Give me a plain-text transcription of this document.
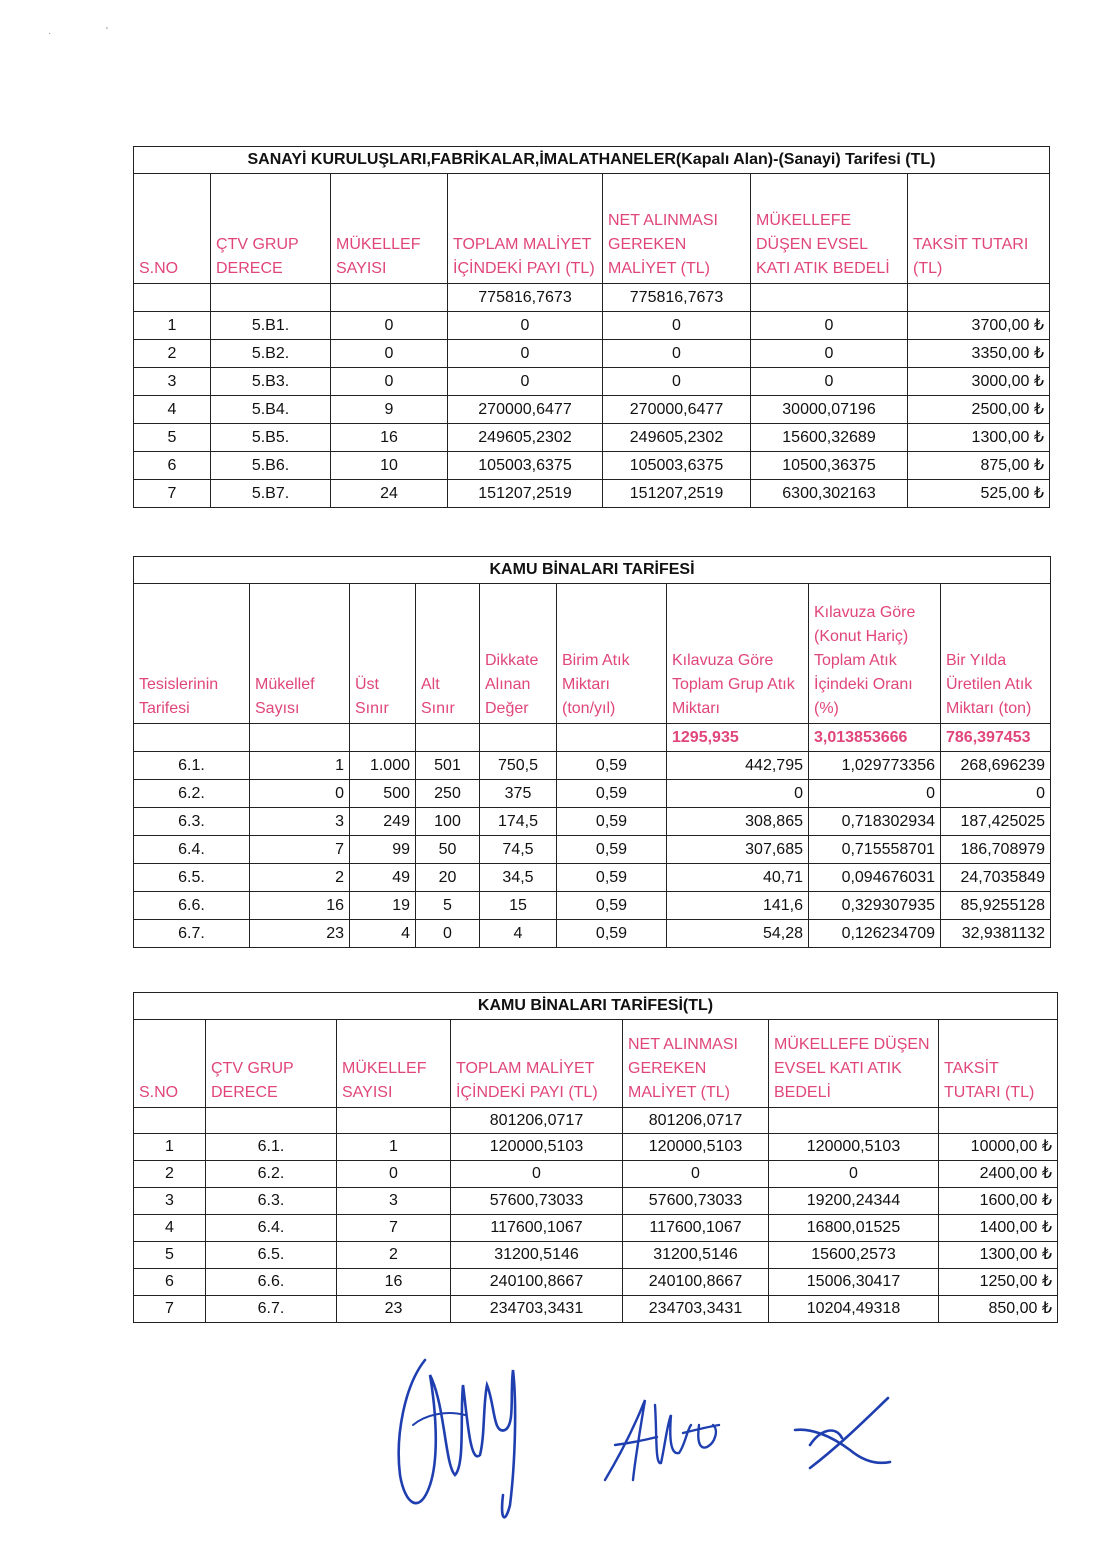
·	'
SANAYİ KURULUŞLARI,FABRİKALAR,İMALATHANELER(Kapalı Alan)-(Sanayi) Tarifesi (TL)						
S.NO	ÇTV GRUP DERECE	MÜKELLEF SAYISI	TOPLAM MALİYET İÇİNDEKİ PAYI (TL)	NET ALINMASI GEREKEN MALİYET (TL)	MÜKELLEFE DÜŞEN EVSEL KATI ATIK BEDELİ	TAKSİT TUTARI (TL)
			775816,7673	775816,7673		
1	5.B1.	0	0	0	0	3700,00 ₺
2	5.B2.	0	0	0	0	3350,00 ₺
3	5.B3.	0	0	0	0	3000,00 ₺
4	5.B4.	9	270000,6477	270000,6477	30000,07196	2500,00 ₺
5	5.B5.	16	249605,2302	249605,2302	15600,32689	1300,00 ₺
6	5.B6.	10	105003,6375	105003,6375	10500,36375	875,00 ₺
7	5.B7.	24	151207,2519	151207,2519	6300,302163	525,00 ₺
KAMU BİNALARI TARİFESİ								
Tesislerinin Tarifesi	Mükellef Sayısı	Üst Sınır	Alt Sınır	Dikkate Alınan Değer	Birim Atık Miktarı (ton/yıl)	Kılavuza Göre Toplam Grup Atık Miktarı	Kılavuza Göre (Konut Hariç) Toplam Atık İçindeki Oranı (%)	Bir Yılda Üretilen Atık Miktarı (ton)
						1295,935	3,013853666	786,397453
6.1.	1	1.000	501	750,5	0,59	442,795	1,029773356	268,696239
6.2.	0	500	250	375	0,59	0	0	0
6.3.	3	249	100	174,5	0,59	308,865	0,718302934	187,425025
6.4.	7	99	50	74,5	0,59	307,685	0,715558701	186,708979
6.5.	2	49	20	34,5	0,59	40,71	0,094676031	24,7035849
6.6.	16	19	5	15	0,59	141,6	0,329307935	85,9255128
6.7.	23	4	0	4	0,59	54,28	0,126234709	32,9381132
KAMU BİNALARI TARİFESİ(TL)						
S.NO	ÇTV GRUP DERECE	MÜKELLEF SAYISI	TOPLAM MALİYET İÇİNDEKİ PAYI (TL)	NET ALINMASI GEREKEN MALİYET (TL)	MÜKELLEFE DÜŞEN EVSEL KATI ATIK BEDELİ	TAKSİT TUTARI (TL)
			801206,0717	801206,0717		
1	6.1.	1	120000,5103	120000,5103	120000,5103	10000,00 ₺
2	6.2.	0	0	0	0	2400,00 ₺
3	6.3.	3	57600,73033	57600,73033	19200,24344	1600,00 ₺
4	6.4.	7	117600,1067	117600,1067	16800,01525	1400,00 ₺
5	6.5.	2	31200,5146	31200,5146	15600,2573	1300,00 ₺
6	6.6.	16	240100,8667	240100,8667	15006,30417	1250,00 ₺
7	6.7.	23	234703,3431	234703,3431	10204,49318	850,00 ₺
